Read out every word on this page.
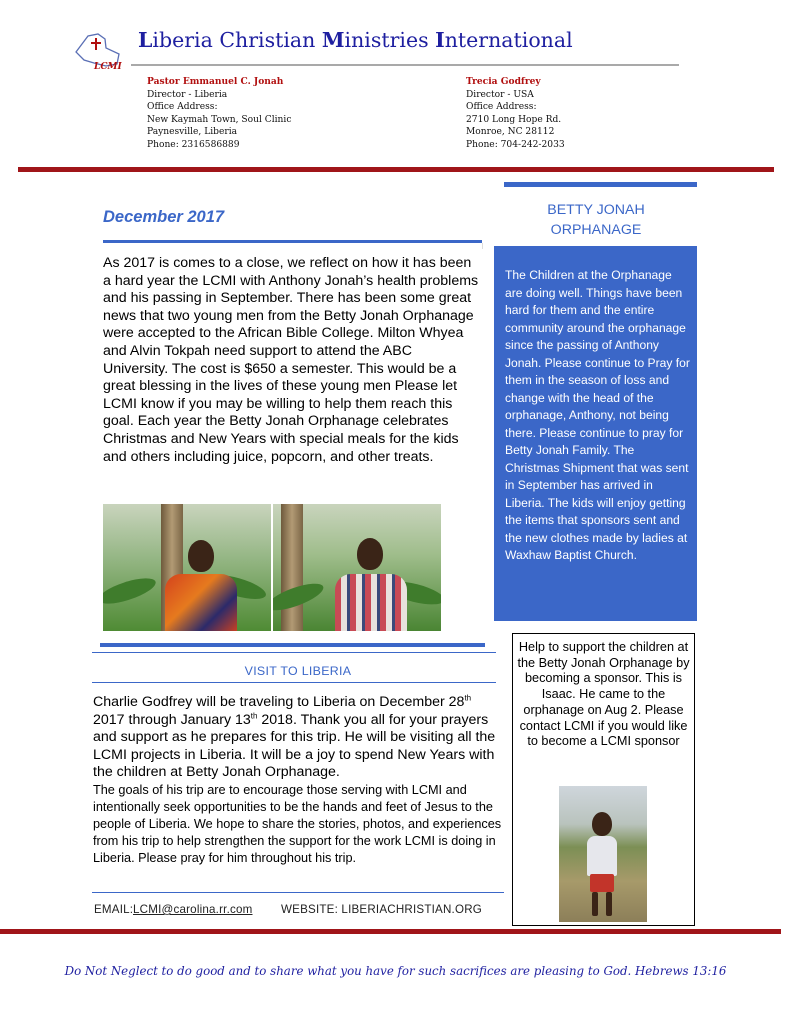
LCMI
Liberia Christian Ministries International
Pastor Emmanuel C. Jonah
Director - Liberia
Office Address:
New Kaymah Town, Soul Clinic
Paynesville, Liberia
Phone: 2316586889
Trecia Godfrey
Director - USA
Office Address:
2710 Long Hope Rd.
Monroe, NC 28112
Phone: 704-242-2033
December 2017

As 2017 is comes to a close, we reflect on how it has been a hard year the LCMI with Anthony Jonah’s health problems and his passing in September. There has been some great news that two young men from the Betty Jonah Orphanage were accepted to the African Bible College. Milton Whyea and Alvin Tokpah need support to attend the ABC University. The cost is $650 a semester. This would be a great blessing in the lives of these young men Please let LCMI know if you may be willing to help them reach this goal. Each year the Betty Jonah Orphanage celebrates Christmas and New Years with special meals for the kids and others including juice, popcorn, and other treats.

VISIT TO LIBERIA
Charlie Godfrey will be traveling to Liberia on December 28th 2017 through January 13th 2018. Thank you all for your prayers and support as he prepares for this trip. He will be visiting all the LCMI projects in Liberia. It will be a joy to spend New Years with the children at Betty Jonah Orphanage.
The goals of his trip are to encourage those serving with LCMI and intentionally seek opportunities to be the hands and feet of Jesus to the people of Liberia. We hope to share the stories, photos, and experiences from his trip to help strengthen the support for the work LCMI is doing in Liberia. Please pray for him throughout his trip.
EMAIL: LCMI@carolina.rr.com WEBSITE: LIBERIACHRISTIAN.ORG
BETTY JONAH ORPHANAGE

The Children at the Orphanage are doing well. Things have been hard for them and the entire community around the orphanage since the passing of Anthony Jonah. Please continue to Pray for them in the season of loss and change with the head of the orphanage, Anthony, not being there. Please continue to pray for Betty Jonah Family. The Christmas Shipment that was sent in September has arrived in Liberia. The kids will enjoy getting the items that sponsors sent and the new clothes made by ladies at Waxhaw Baptist Church.

Help to support the children at the Betty Jonah Orphanage by becoming a sponsor. This is Isaac. He came to the orphanage on Aug 2. Please contact LCMI if you would like to become a LCMI sponsor

Do Not Neglect to do good and to share what you have for such sacrifices are pleasing to God. Hebrews 13:16
